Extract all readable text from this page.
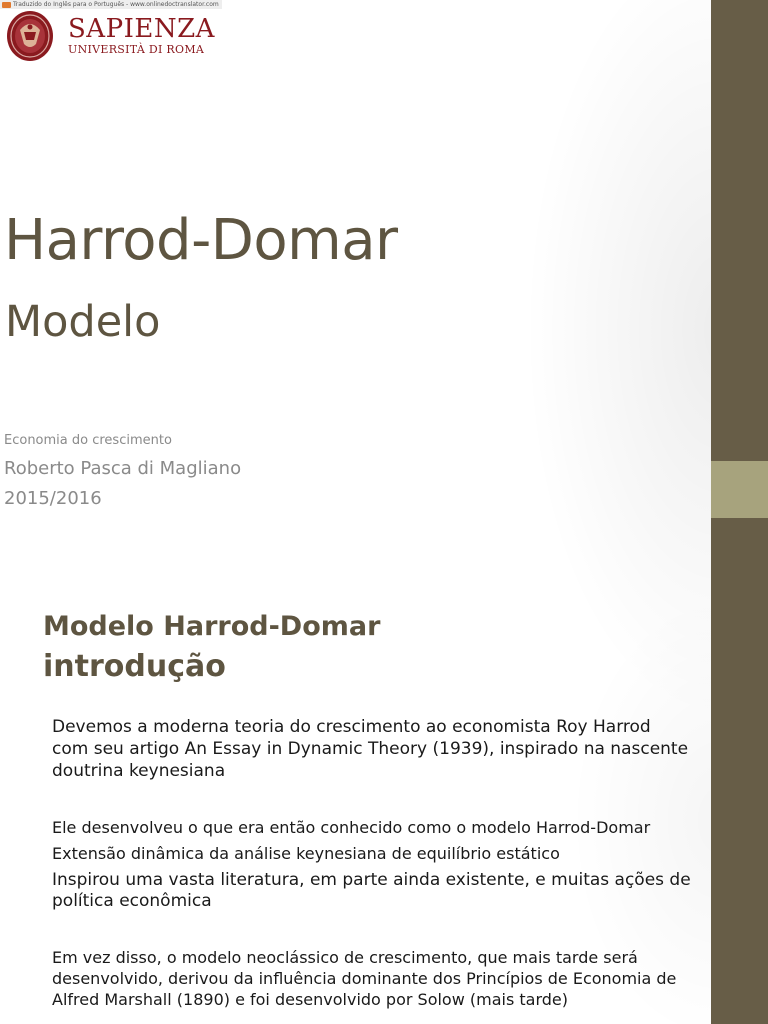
Traduzido do Inglês para o Português - www.onlinedoctranslator.com
SAPIENZA
UNIVERSITÀ DI ROMA
Harrod-Domar
Modelo
Economia do crescimento
Roberto Pasca di Magliano
2015/2016
Modelo Harrod-Domar
introdução

Devemos a moderna teoria do crescimento ao economista Roy Harrod com seu artigo An Essay in Dynamic Theory (1939), inspirado na nascente doutrina keynesiana

Ele desenvolveu o que era então conhecido como o modelo Harrod-Domar

Extensão dinâmica da análise keynesiana de equilíbrio estático

Inspirou uma vasta literatura, em parte ainda existente, e muitas ações de política econômica

Em vez disso, o modelo neoclássico de crescimento, que mais tarde será desenvolvido, derivou da influência dominante dos Princípios de Economia de Alfred Marshall (1890) e foi desenvolvido por Solow (mais tarde)
